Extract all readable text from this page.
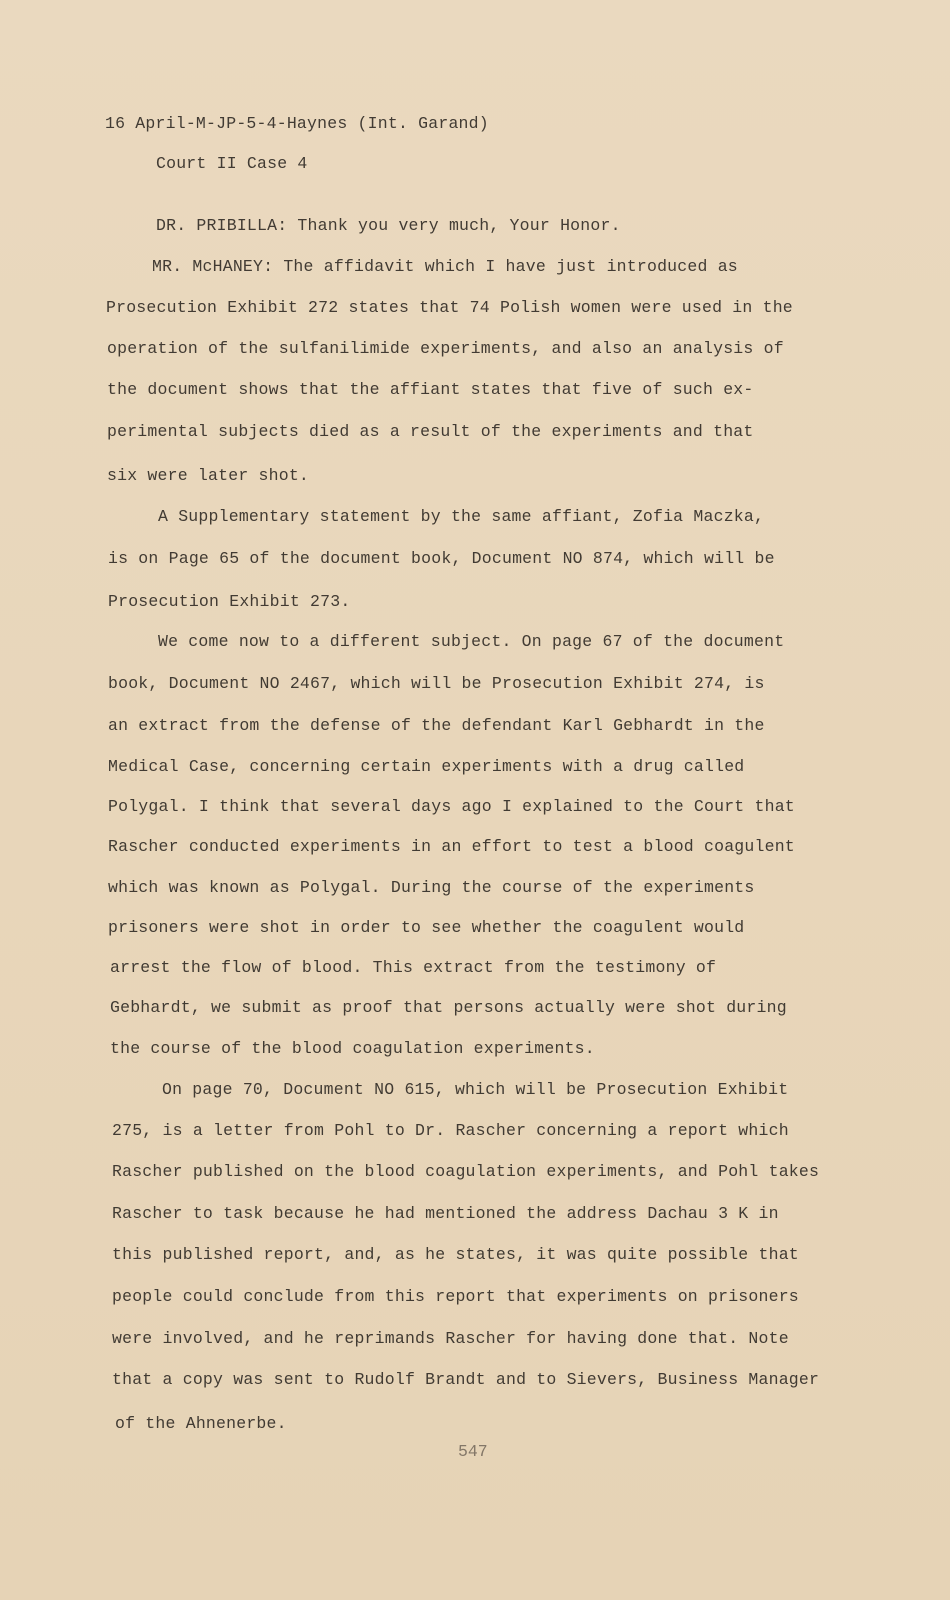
16 April-M-JP-5-4-Haynes (Int. Garand)
Court II Case 4
DR. PRIBILLA: Thank you very much, Your Honor.
MR. McHANEY: The affidavit which I have just introduced as
Prosecution Exhibit 272 states that 74 Polish women were used in the
operation of the sulfanilimide experiments, and also an analysis of
the document shows that the affiant states that five of such ex-
perimental subjects died as a result of the experiments and that
six were later shot.
A Supplementary statement by the same affiant, Zofia Maczka,
is on Page 65 of the document book, Document NO 874, which will be
Prosecution Exhibit 273.
We come now to a different subject. On page 67 of the document
book, Document NO 2467, which will be Prosecution Exhibit 274, is
an extract from the defense of the defendant Karl Gebhardt in the
Medical Case, concerning certain experiments with a drug called
Polygal. I think that several days ago I explained to the Court that
Rascher conducted experiments in an effort to test a blood coagulent
which was known as Polygal. During the course of the experiments
prisoners were shot in order to see whether the coagulent would
arrest the flow of blood. This extract from the testimony of
Gebhardt, we submit as proof that persons actually were shot during
the course of the blood coagulation experiments.
On page 70, Document NO 615, which will be Prosecution Exhibit
275, is a letter from Pohl to Dr. Rascher concerning a report which
Rascher published on the blood coagulation experiments, and Pohl takes
Rascher to task because he had mentioned the address Dachau 3 K in
this published report, and, as he states, it was quite possible that
people could conclude from this report that experiments on prisoners
were involved, and he reprimands Rascher for having done that. Note
that a copy was sent to Rudolf Brandt and to Sievers, Business Manager
of the Ahnenerbe.
547
